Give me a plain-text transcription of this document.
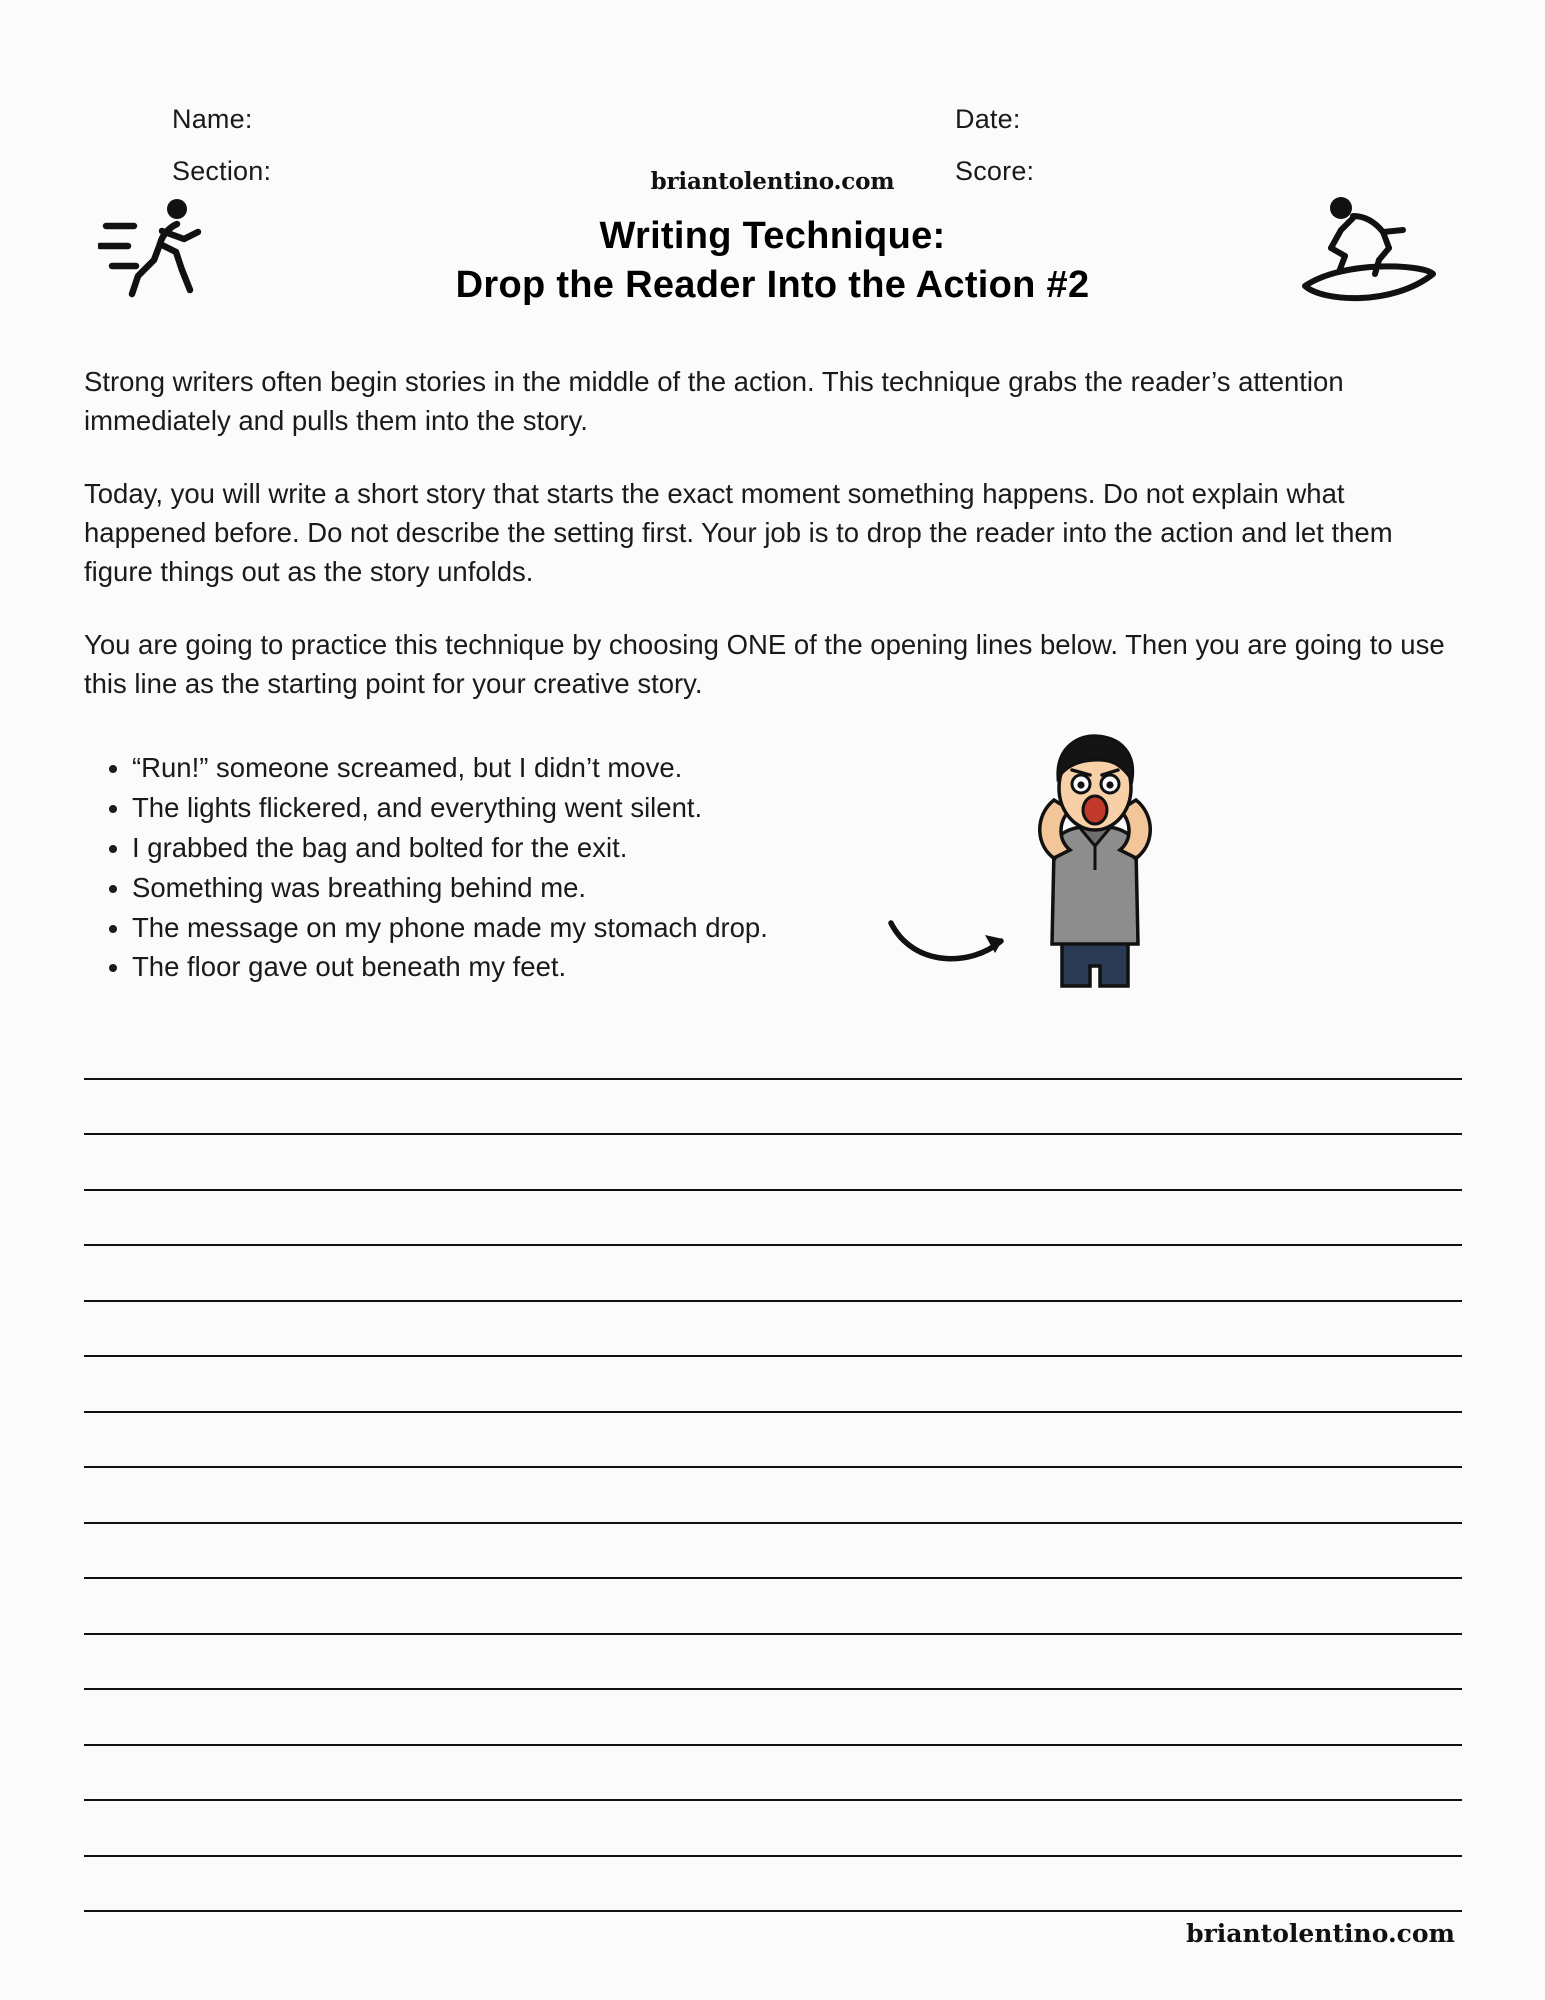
Name:
Section:
Date:
Score:
briantolentino.com
Writing Technique:
Drop the Reader Into the Action #2

Strong writers often begin stories in the middle of the action. This technique grabs the reader’s attention immediately and pulls them into the story.

Today, you will write a short story that starts the exact moment something happens. Do not explain what happened before. Do not describe the setting first. Your job is to drop the reader into the action and let them figure things out as the story unfolds.

You are going to practice this technique by choosing ONE of the opening lines below. Then you are going to use this line as the starting point for your creative story.

• “Run!” someone screamed, but I didn’t move.
• The lights flickered, and everything went silent.
• I grabbed the bag and bolted for the exit.
• Something was breathing behind me.
• The message on my phone made my stomach drop.
• The floor gave out beneath my feet.
briantolentino.com
